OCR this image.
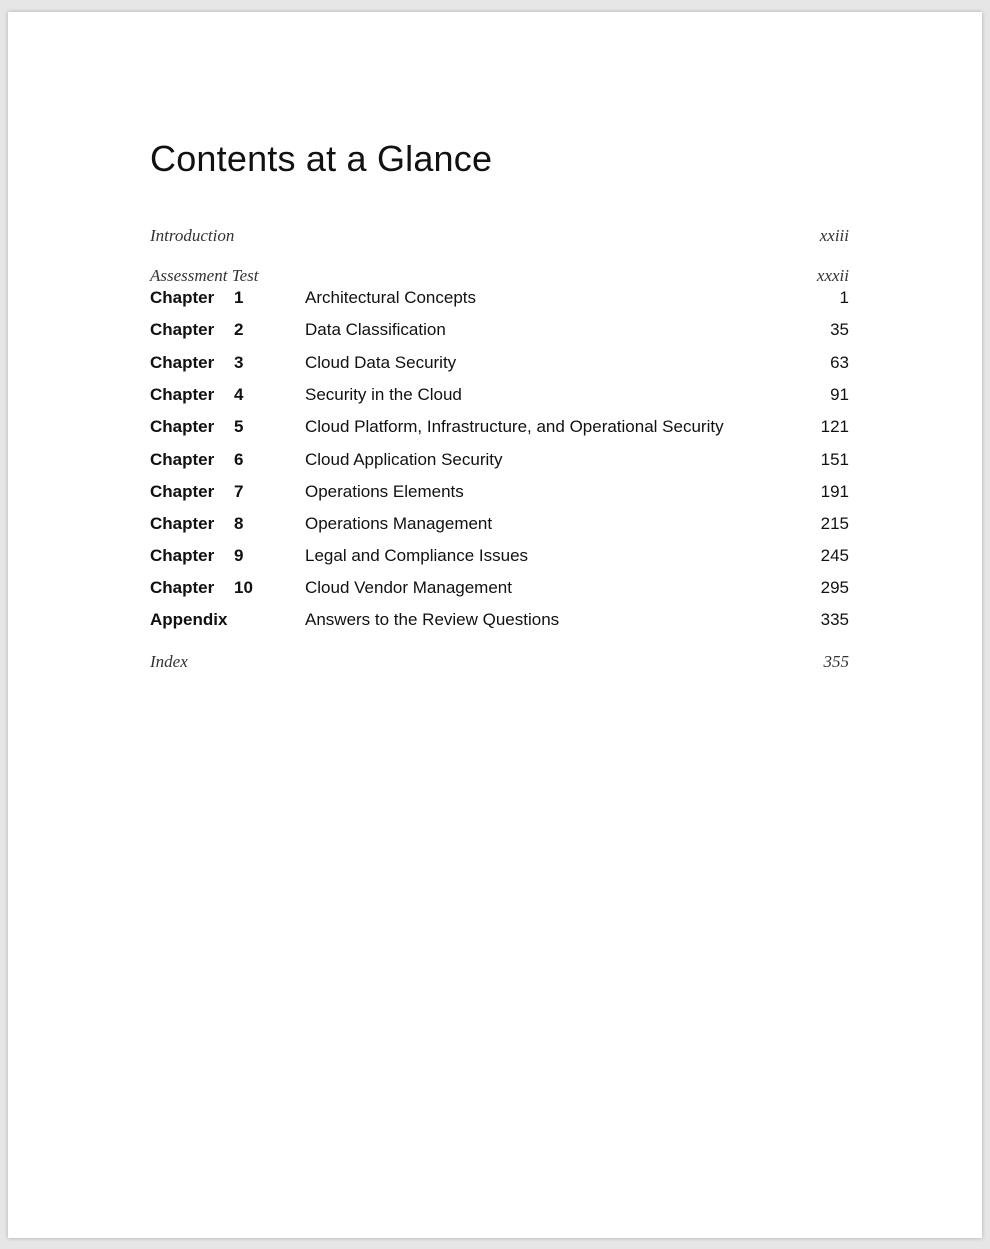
Contents at a Glance
Introduction	xxiii
Assessment Test	xxxii
Chapter 1	Architectural Concepts	1
Chapter 2	Data Classification	35
Chapter 3	Cloud Data Security	63
Chapter 4	Security in the Cloud	91
Chapter 5	Cloud Platform, Infrastructure, and Operational Security	121
Chapter 6	Cloud Application Security	151
Chapter 7	Operations Elements	191
Chapter 8	Operations Management	215
Chapter 9	Legal and Compliance Issues	245
Chapter 10	Cloud Vendor Management	295
Appendix	Answers to the Review Questions	335
Index	355
